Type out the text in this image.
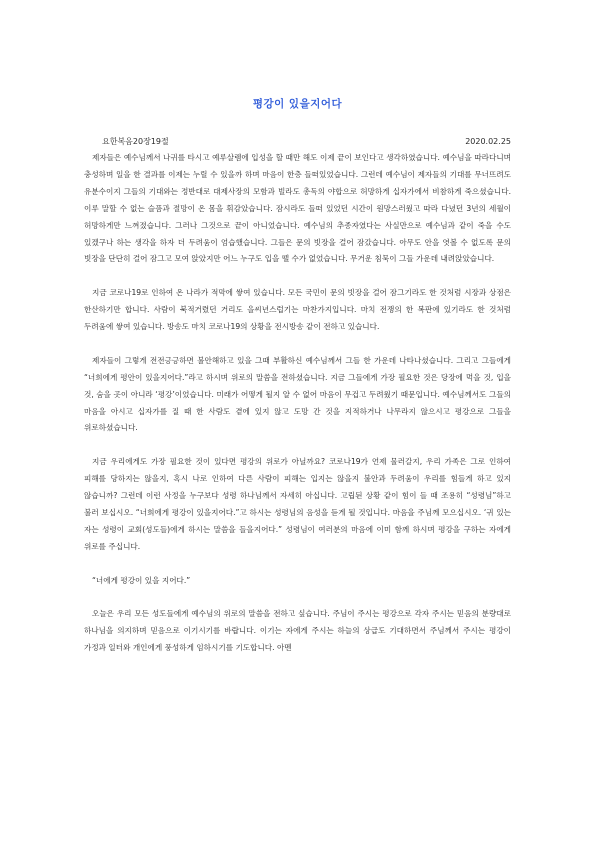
평강이 있을지어다
요한복음20장19절	2020.02.25

제자들은 예수님께서 나귀를 타시고 예루살렘에 입성을 할 때만 해도 이제 끝이 보인다고 생각하였습니다. 예수님을 따라다니며 충성하며 일을 한 결과를 이제는 누릴 수 있을까 하며 마음이 한층 들떠있었습니다. 그런데 예수님이 제자들의 기대를 무너뜨려도 유분수이지 그들의 기대와는 정반대로 대제사장의 모함과 빌라도 총독의 야합으로 허망하게 십자가에서 비참하게 죽으셨습니다. 이루 말할 수 없는 슬픔과 절망이 온 몸을 휘감았습니다. 잠시라도 들떠 있었던 시간이 원망스러웠고 따라 다녔던 3년의 세월이 허망하게만 느껴졌습니다. 그러나 그것으로 끝이 아니었습니다. 예수님의 추종자였다는 사실만으로 예수님과 같이 죽을 수도 있겠구나 하는 생각을 하자 더 두려움이 엄습했습니다. 그들은 문의 빗장을 걸어 잠갔습니다. 아무도 안을 엿볼 수 없도록 문의 빗장을 단단히 걸어 잠그고 모여 앉았지만 어느 누구도 입을 뗄 수가 없었습니다. 무거운 침묵이 그들 가운데 내려앉았습니다.

지금 코로나19로 인하여 온 나라가 적막에 쌓여 있습니다. 모든 국민이 문의 빗장을 걸어 잠그기라도 한 것처럼 시장과 상점은 한산하기만 합니다. 사람이 북적거렸던 거리도 을씨년스럽기는 마찬가지입니다. 마치 전쟁의 한 복판에 있기라도 한 것처럼 두려움에 쌓여 있습니다. 방송도 마치 코로나19의 상황을 전시방송 같이 전하고 있습니다.

제자들이 그렇게 전전긍긍하면 불안해하고 있을 그때 부활하신 예수님께서 그들 한 가운데 나타나셨습니다. 그리고 그들에게 “너희에게 평안이 있을지어다.”라고 하시며 위로의 말씀을 전하셨습니다. 지금 그들에게 가장 필요한 것은 당장에 먹을 것, 입을 것, 숨을 곳이 아니라 ‘평강’이었습니다. 미래가 어떻게 될지 알 수 없어 마음이 무겁고 두려웠기 때문입니다. 예수님께서도 그들의 마음을 아시고 십자가를 질 때 한 사람도 곁에 있지 않고 도망 간 것을 지적하거나 나무라지 않으시고 평강으로 그들을 위로하셨습니다.

지금 우리에게도 가장 필요한 것이 있다면 평강의 위로가 아닐까요? 코로나19가 언제 물러갈지, 우리 가족은 그로 인하여 피해를 당하지는 않을지, 혹시 나로 인하여 다른 사람이 피해는 입지는 않을지 불안과 두려움이 우리를 힘들게 하고 있지 않습니까? 그런데 이런 사정을 누구보다 성령 하나님께서 자세히 아십니다. 고립된 상황 같이 힘이 들 때 조용히 “성령님”하고 불러 보십시오. “너희에게 평강이 있을지어다.”고 하시는 성령님의 음성을 듣게 될 것입니다. 마음을 주님께 모으십시오. ‘귀 있는 자는 성령이 교회(성도들)에게 하시는 말씀을 들을지어다.” 성령님이 여러분의 마음에 이미 함께 하시며 평강을 구하는 자에게 위로를 주십니다.

“너에게 평강이 있을 지어다.”

오늘은 우리 모든 성도들에게 예수님의 위로의 말씀을 전하고 싶습니다. 주님이 주시는 평강으로 각자 주시는 믿음의 분량대로 하나님을 의지하며 믿음으로 이기시기를 바랍니다. 이기는 자에게 주시는 하늘의 상급도 기대하면서 주님께서 주시는 평강이 가정과 일터와 개인에게 풍성하게 임하시기를 기도합니다. 아멘
